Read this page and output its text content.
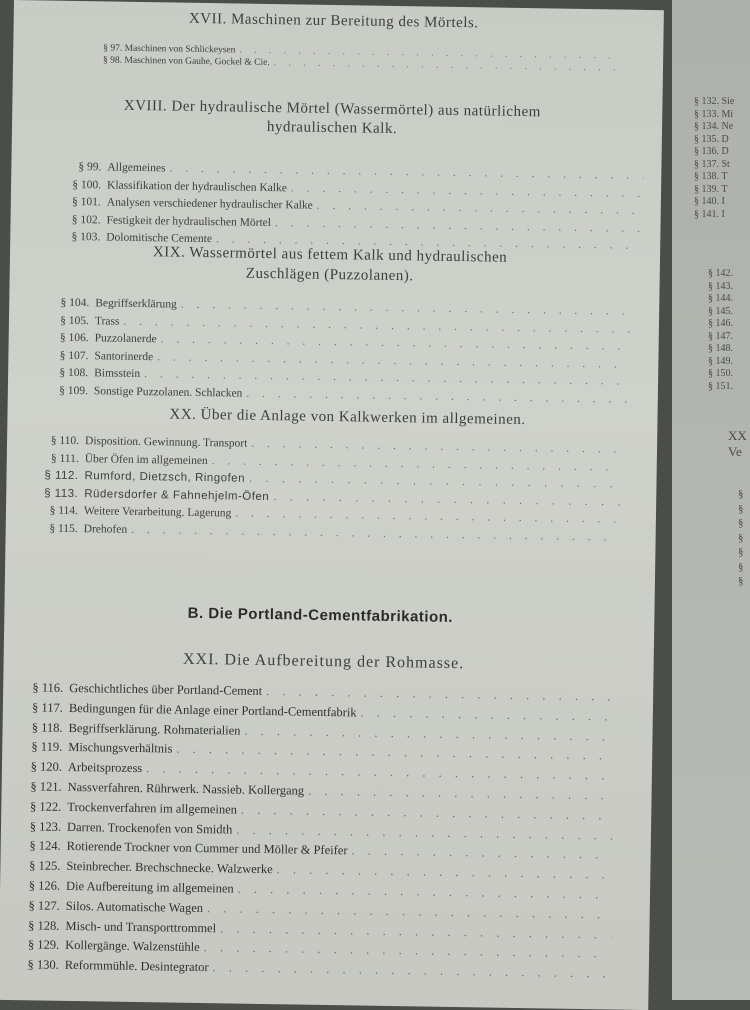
XVII. Maschinen zur Bereitung des Mörtels.
§ 97.
Maschinen von Schlickeysen
. . .
§ 98.
Maschinen von Gauhe, Gockel & Cie.
. . .
XVIII. Der hydraulische Mörtel (Wassermörtel) aus natürlichem
hydraulischen Kalk.
§ 99. Allgemeines
. . .
§ 100. Klassifikation der hydraulischen Kalke
. . .
§ 101. Analysen verschiedener hydraulischer Kalke
. . .
§ 102. Festigkeit der hydraulischen Mörtel
. . .
§ 103. Dolomitische Cemente
. . .
XIX. Wassermörtel aus fettem Kalk und hydraulischen
Zuschlägen (Puzzolanen).
§ 104. Begriffserklärung
. . .
§ 105. Trass
. . .
§ 106. Puzzolanerde
. . .
§ 107. Santorinerde
. . .
§ 108. Bimsstein
. . .
§ 109. Sonstige Puzzolanen. Schlacken
. . .
XX. Über die Anlage von Kalkwerken im allgemeinen.
§ 110. Disposition. Gewinnung. Transport
. . .
§ 111. Über Öfen im allgemeinen
. . .
§ 112. Rumford, Dietzsch, Ringofen
. . .
§ 113. Rüdersdorfer & Fahnehjelm-Öfen
. . .
§ 114. Weitere Verarbeitung. Lagerung
. . .
§ 115. Drehofen
. . .
B. Die Portland-Cementfabrikation.
XXI. Die Aufbereitung der Rohmasse.
§ 116. Geschichtliches über Portland-Cement
. . .
§ 117. Bedingungen für die Anlage einer Portland-Cementfabrik
. . .
§ 118. Begriffserklärung. Rohmaterialien
. . .
§ 119. Mischungsverhältnis
. . .
§ 120. Arbeitsprozess
. . .
§ 121. Nassverfahren. Rührwerk. Nassieb. Kollergang
. . .
§ 122. Trockenverfahren im allgemeinen
. . .
§ 123. Darren. Trockenofen von Smidth
. . .
§ 124. Rotierende Trockner von Cummer und Möller & Pfeifer
. . .
§ 125. Steinbrecher. Brechschnecke. Walzwerke
. . .
§ 126. Die Aufbereitung im allgemeinen
. . .
§ 127. Silos. Automatische Wagen
. . .
§ 128. Misch- und Transporttrommel
. . .
§ 129. Kollergänge. Walzenstühle
. . .
§ 130. Reformmühle. Desintegrator
. . .
§ 132. Sie
§ 133. Mi
§ 134. Ne
§ 135. D
§ 136. D
§ 137. St
§ 138. T
§ 139. T
§ 140. I
§ 141. I
§ 142.
§ 143.
§ 144.
§ 145.
§ 146.
§ 147.
§ 148.
§ 149.
§ 150.
§ 151.
XX
Ve
§
§
§
§
§
§
§
